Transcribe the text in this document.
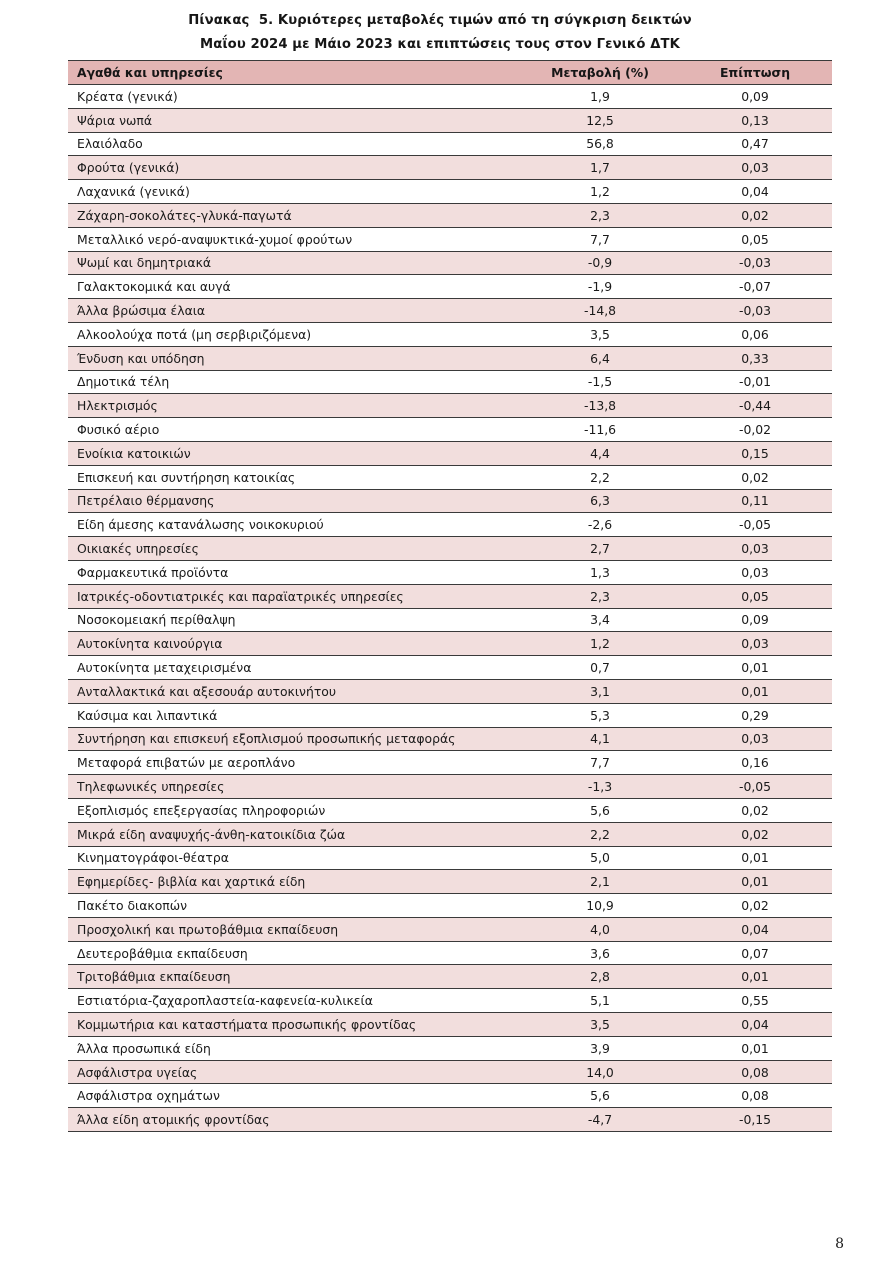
Πίνακας  5. Κυριότερες μεταβολές τιμών από τη σύγκριση δεικτών
Μαΐου 2024 με Μάιο 2023 και επιπτώσεις τους στον Γενικό ΔΤΚ
Αγαθά και υπηρεσίες	Μεταβολή (%)	Επίπτωση
Κρέατα (γενικά)	1,9	0,09
Ψάρια νωπά	12,5	0,13
Ελαιόλαδο	56,8	0,47
Φρούτα (γενικά)	1,7	0,03
Λαχανικά (γενικά)	1,2	0,04
Ζάχαρη-σοκολάτες-γλυκά-παγωτά	2,3	0,02
Μεταλλικό νερό-αναψυκτικά-χυμοί φρούτων	7,7	0,05
Ψωμί και δημητριακά	-0,9	-0,03
Γαλακτοκομικά και αυγά	-1,9	-0,07
Άλλα βρώσιμα έλαια	-14,8	-0,03
Αλκοολούχα ποτά (μη σερβιριζόμενα)	3,5	0,06
Ένδυση και υπόδηση	6,4	0,33
Δημοτικά τέλη	-1,5	-0,01
Ηλεκτρισμός	-13,8	-0,44
Φυσικό αέριο	-11,6	-0,02
Ενοίκια κατοικιών	4,4	0,15
Επισκευή και συντήρηση κατοικίας	2,2	0,02
Πετρέλαιο θέρμανσης	6,3	0,11
Είδη άμεσης κατανάλωσης νοικοκυριού	-2,6	-0,05
Οικιακές υπηρεσίες	2,7	0,03
Φαρμακευτικά προϊόντα	1,3	0,03
Ιατρικές-οδοντιατρικές και παραϊατρικές υπηρεσίες	2,3	0,05
Νοσοκομειακή περίθαλψη	3,4	0,09
Αυτοκίνητα καινούργια	1,2	0,03
Αυτοκίνητα μεταχειρισμένα	0,7	0,01
Ανταλλακτικά και αξεσουάρ αυτοκινήτου	3,1	0,01
Καύσιμα και λιπαντικά	5,3	0,29
Συντήρηση και επισκευή εξοπλισμού προσωπικής μεταφοράς	4,1	0,03
Μεταφορά επιβατών με αεροπλάνο	7,7	0,16
Τηλεφωνικές υπηρεσίες	-1,3	-0,05
Εξοπλισμός επεξεργασίας πληροφοριών	5,6	0,02
Μικρά είδη αναψυχής-άνθη-κατοικίδια ζώα	2,2	0,02
Κινηματογράφοι-θέατρα	5,0	0,01
Εφημερίδες- βιβλία και χαρτικά είδη	2,1	0,01
Πακέτο διακοπών	10,9	0,02
Προσχολική και πρωτοβάθμια εκπαίδευση	4,0	0,04
Δευτεροβάθμια εκπαίδευση	3,6	0,07
Τριτοβάθμια εκπαίδευση	2,8	0,01
Εστιατόρια-ζαχαροπλαστεία-καφενεία-κυλικεία	5,1	0,55
Κομμωτήρια και καταστήματα προσωπικής φροντίδας	3,5	0,04
Άλλα προσωπικά είδη	3,9	0,01
Ασφάλιστρα υγείας	14,0	0,08
Ασφάλιστρα οχημάτων	5,6	0,08
Άλλα είδη ατομικής φροντίδας	-4,7	-0,15
8
